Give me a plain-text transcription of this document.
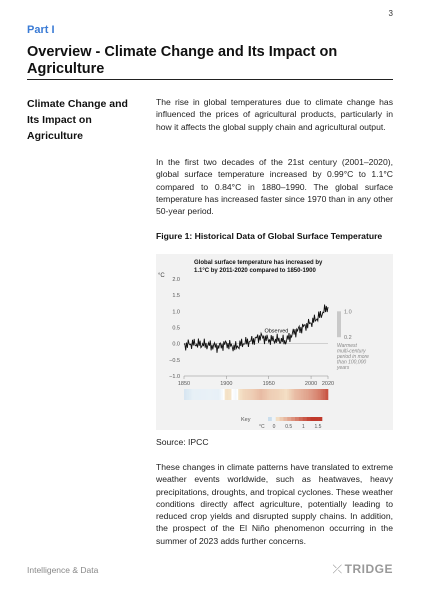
3
Part I
Overview - Climate Change and Its Impact on Agriculture
Climate Change and Its Impact on Agriculture
The rise in global temperatures due to climate change has influenced the prices of agricultural products, particularly in how it affects the global supply chain and agricultural output.
In the first two decades of the 21st century (2001–2020), global surface temperature increased by 0.99°C to 1.1°C compared to 0.84°C in 1880–1990. The global surface temperature has increased faster since 1970 than in any other 50-year period.
Figure 1: Historical Data of Global Surface Temperature
Global surface temperature has increased by
1.1°C by 2011-2020 compared to 1850-1900
°C
2.0
1.5
1.0
0.5
0.0
−0.5
−1.0
1850	1900	1950	2000 2020
Observed
1.0
0.2
Warmest
multi-century
period in more
than 100,000
years
Key
°C 0 0.5 1 1.5
Source: IPCC
These changes in climate patterns have translated to extreme weather events worldwide, such as heatwaves, heavy precipitations, droughts, and tropical cyclones. These weather conditions directly affect agriculture, potentially leading to reduced crop yields and disrupted supply chains. In addition, the prospect of the El Niño phenomenon occurring in the summer of 2023 adds further concerns.
Intelligence & Data	⤫ TRIDGE
